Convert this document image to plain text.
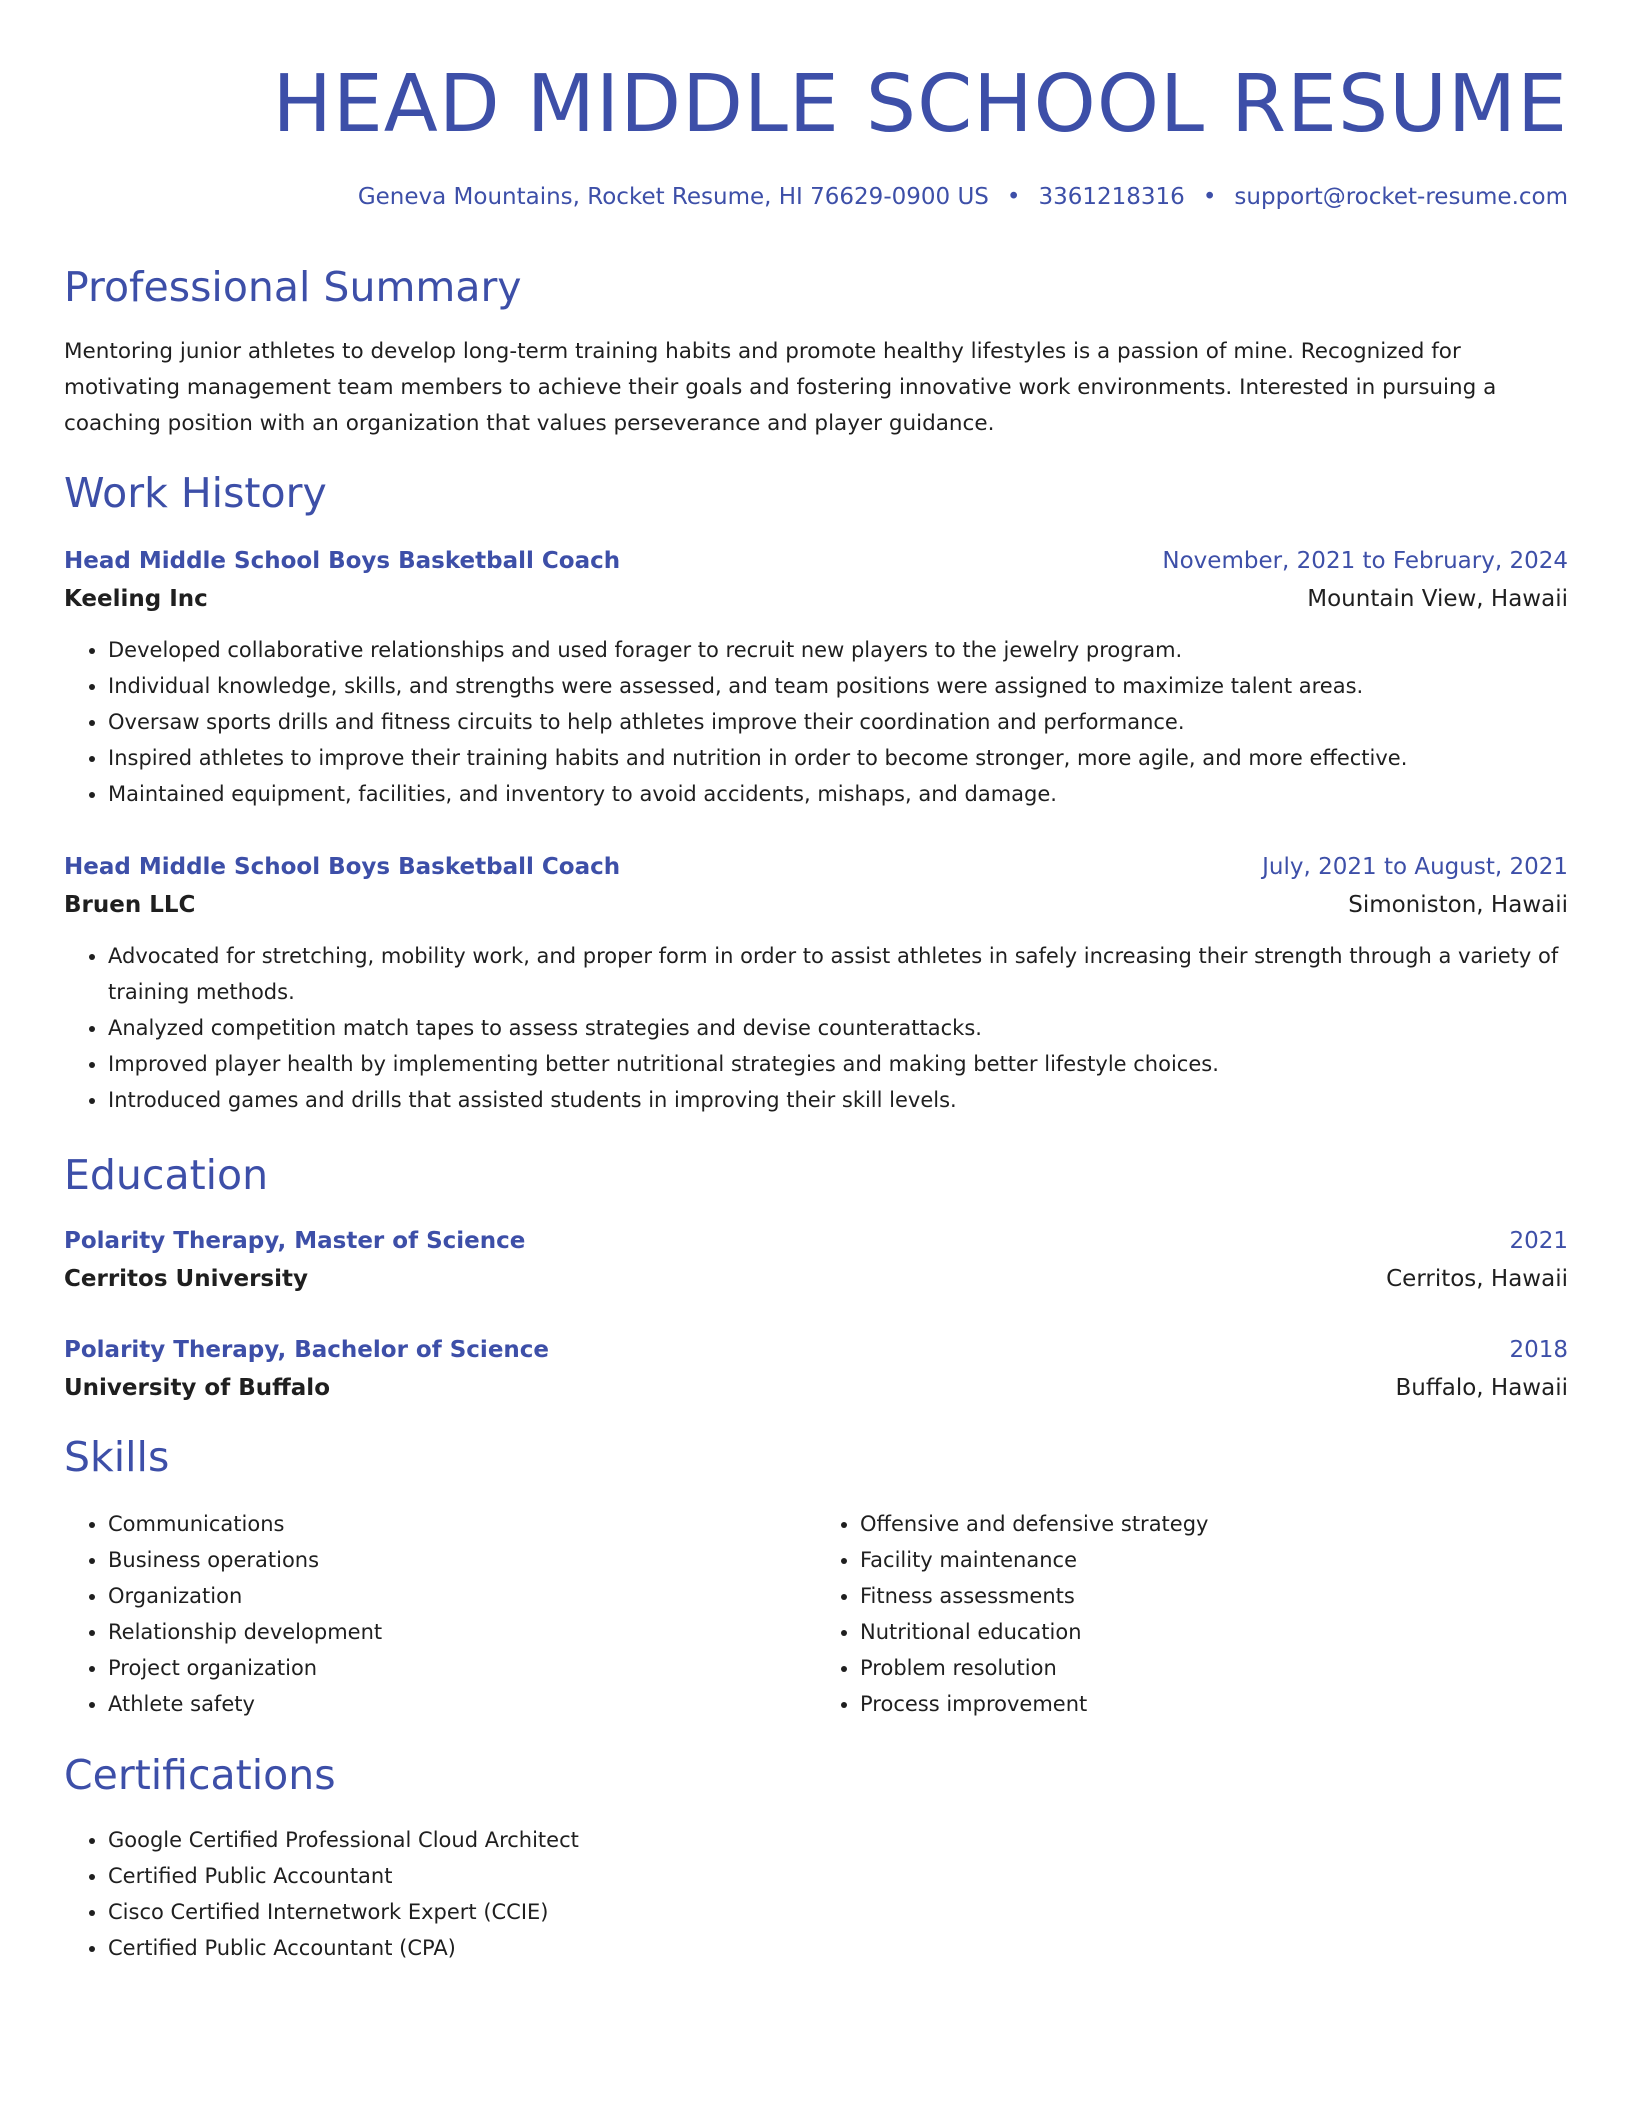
HEAD MIDDLE SCHOOL RESUME
Geneva Mountains, Rocket Resume, HI 76629-0900 US • 3361218316 • support@rocket-resume.com
Professional Summary

Mentoring junior athletes to develop long-term training habits and promote healthy lifestyles is a passion of mine. Recognized for motivating management team members to achieve their goals and fostering innovative work environments. Interested in pursuing a coaching position with an organization that values perseverance and player guidance.

Work History
Head Middle School Boys Basketball Coach	November, 2021 to February, 2024
Keeling Inc	Mountain View, Hawaii
• Developed collaborative relationships and used forager to recruit new players to the jewelry program.
• Individual knowledge, skills, and strengths were assessed, and team positions were assigned to maximize talent areas.
• Oversaw sports drills and fitness circuits to help athletes improve their coordination and performance.
• Inspired athletes to improve their training habits and nutrition in order to become stronger, more agile, and more effective.
• Maintained equipment, facilities, and inventory to avoid accidents, mishaps, and damage.
Head Middle School Boys Basketball Coach	July, 2021 to August, 2021
Bruen LLC	Simoniston, Hawaii
• Advocated for stretching, mobility work, and proper form in order to assist athletes in safely increasing their strength through a variety of training methods.
• Analyzed competition match tapes to assess strategies and devise counterattacks.
• Improved player health by implementing better nutritional strategies and making better lifestyle choices.
• Introduced games and drills that assisted students in improving their skill levels.
Education
Polarity Therapy, Master of Science	2021
Cerritos University	Cerritos, Hawaii
Polarity Therapy, Bachelor of Science	2018
University of Buffalo	Buffalo, Hawaii
Skills
• Communications
• Business operations
• Organization
• Relationship development
• Project organization
• Athlete safety
• Offensive and defensive strategy
• Facility maintenance
• Fitness assessments
• Nutritional education
• Problem resolution
• Process improvement
Certifications
• Google Certified Professional Cloud Architect
• Certified Public Accountant
• Cisco Certified Internetwork Expert (CCIE)
• Certified Public Accountant (CPA)
